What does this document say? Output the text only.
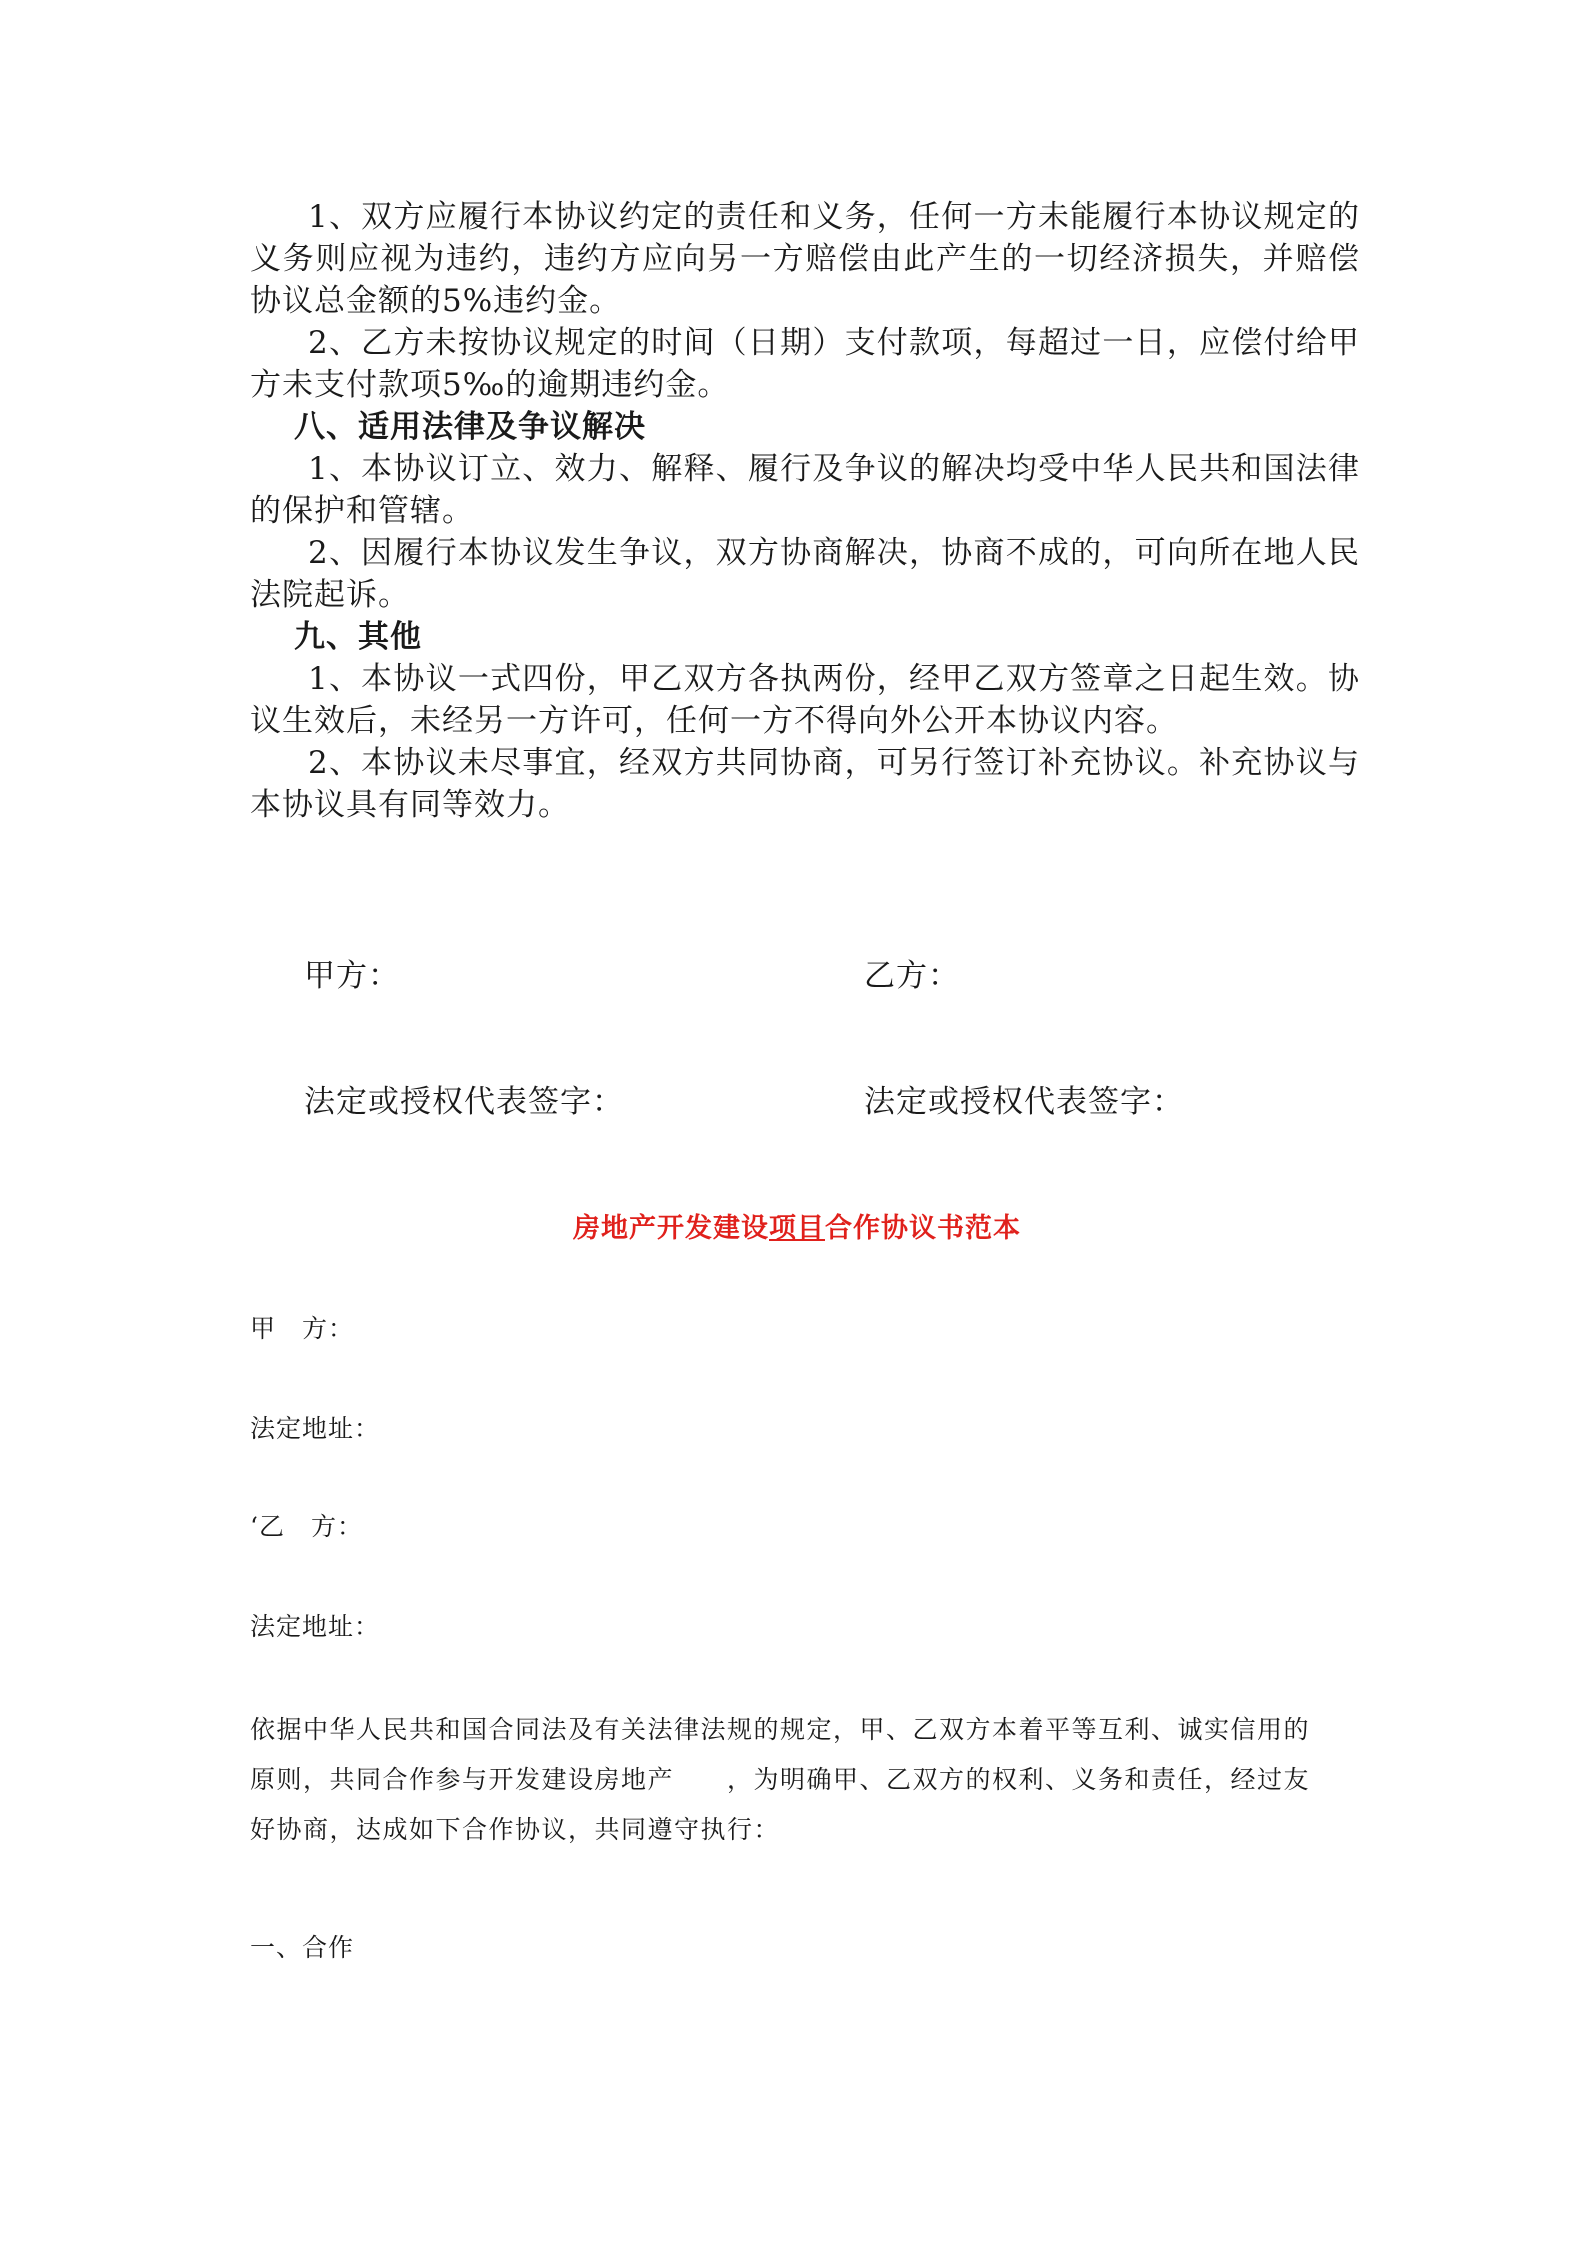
1、双方应履行本协议约定的责任和义务，任何一方未能履行本协议规定的义务则应视为违约，违约方应向另一方赔偿由此产生的一切经济损失，并赔偿协议总金额的5%违约金。

2、乙方未按协议规定的时间（日期）支付款项，每超过一日，应偿付给甲方未支付款项5‰的逾期违约金。

八、适用法律及争议解决

1、本协议订立、效力、解释、履行及争议的解决均受中华人民共和国法律的保护和管辖。

2、因履行本协议发生争议，双方协商解决，协商不成的，可向所在地人民法院起诉。

九、其他

1、本协议一式四份，甲乙双方各执两份，经甲乙双方签章之日起生效。协议生效后，未经另一方许可，任何一方不得向外公开本协议内容。

2、本协议未尽事宜，经双方共同协商，可另行签订补充协议。补充协议与本协议具有同等效力。

甲方：	乙方：
法定或授权代表签字：	法定或授权代表签字：
房地产开发建设项目合作协议书范本
甲　方：
法定地址：
‘乙　方：
法定地址：

依据中华人民共和国合同法及有关法律法规的规定，甲、乙双方本着平等互利、诚实信用的

原则，共同合作参与开发建设房地产　　，为明确甲、乙双方的权利、义务和责任，经过友

好协商，达成如下合作协议，共同遵守执行：

一、合作
